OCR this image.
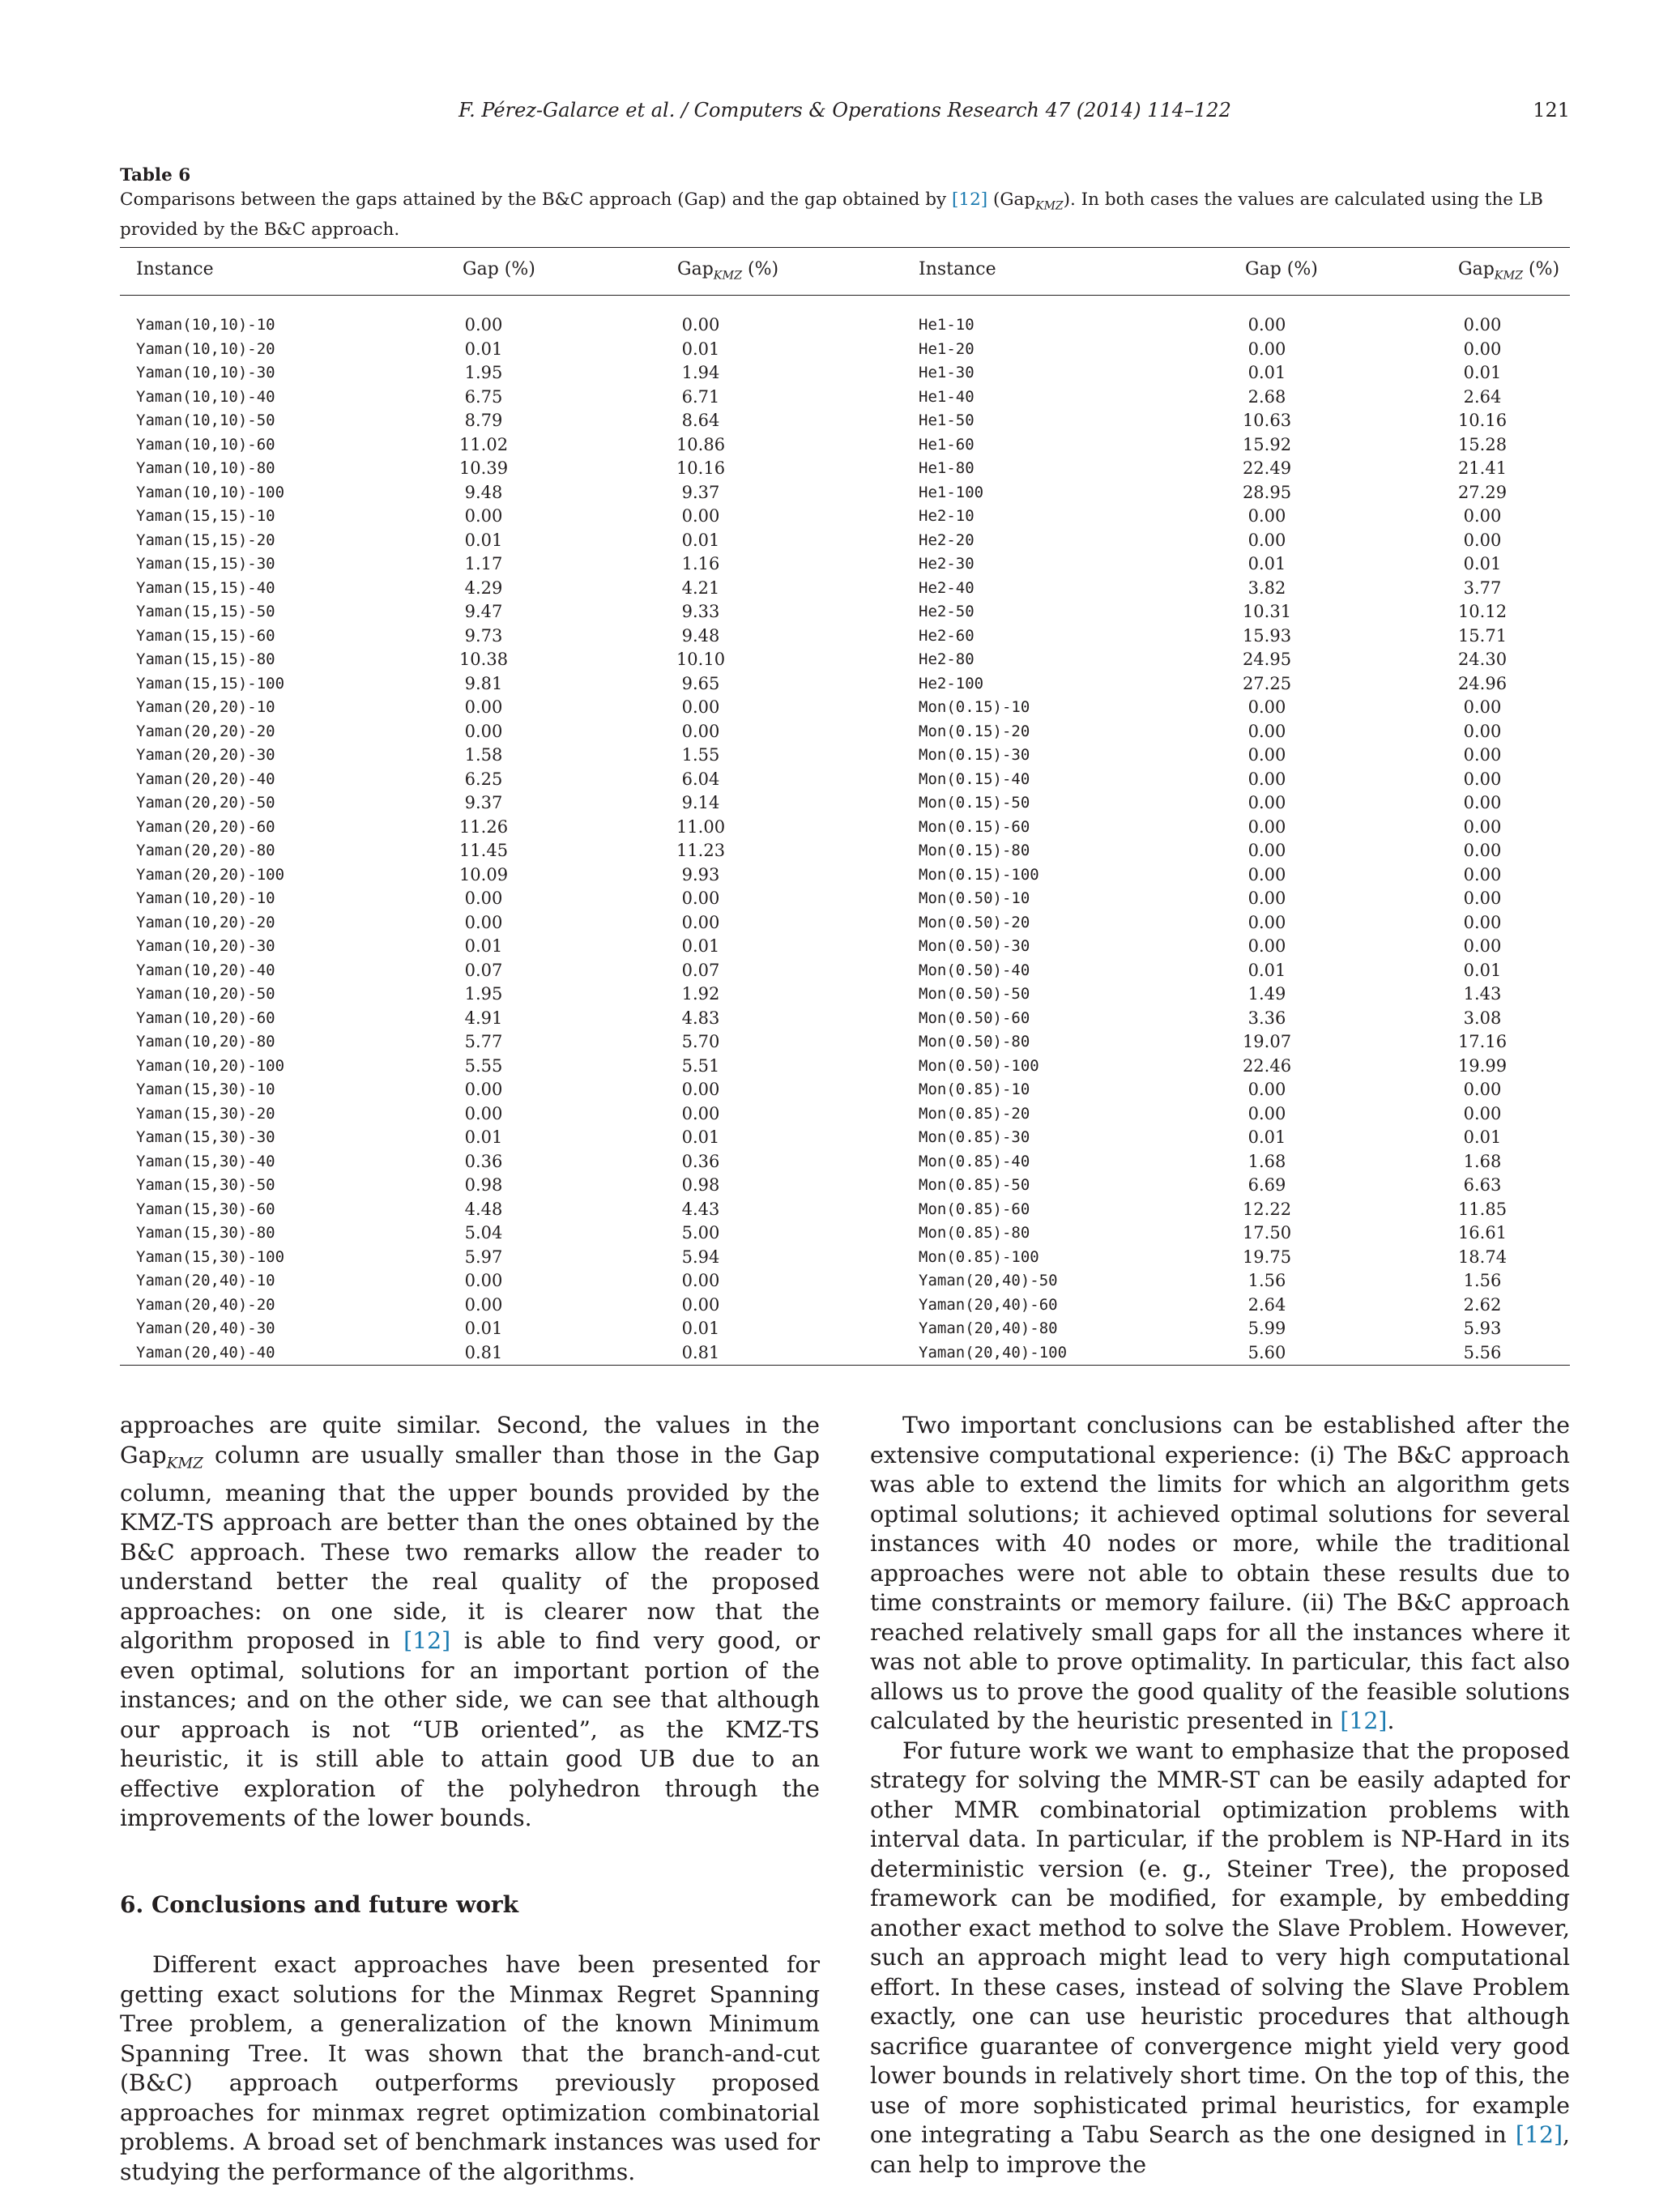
F. Pérez-Galarce et al. / Computers & Operations Research 47 (2014) 114–122	121
Table 6
Comparisons between the gaps attained by the B&C approach (Gap) and the gap obtained by [12] (Gap$_{KMZ}$). In both cases the values are calculated using the LB provided by the B&C approach.
Instance	Gap (%)	Gap$_{KMZ}$ (%)	Instance	Gap (%)	Gap$_{KMZ}$ (%)
Yaman(10,10)-10	0.00	0.00	He1-10	0.00	0.00
Yaman(10,10)-20	0.01	0.01	He1-20	0.00	0.00
Yaman(10,10)-30	1.95	1.94	He1-30	0.01	0.01
Yaman(10,10)-40	6.75	6.71	He1-40	2.68	2.64
Yaman(10,10)-50	8.79	8.64	He1-50	10.63	10.16
Yaman(10,10)-60	11.02	10.86	He1-60	15.92	15.28
Yaman(10,10)-80	10.39	10.16	He1-80	22.49	21.41
Yaman(10,10)-100	9.48	9.37	He1-100	28.95	27.29
Yaman(15,15)-10	0.00	0.00	He2-10	0.00	0.00
Yaman(15,15)-20	0.01	0.01	He2-20	0.00	0.00
Yaman(15,15)-30	1.17	1.16	He2-30	0.01	0.01
Yaman(15,15)-40	4.29	4.21	He2-40	3.82	3.77
Yaman(15,15)-50	9.47	9.33	He2-50	10.31	10.12
Yaman(15,15)-60	9.73	9.48	He2-60	15.93	15.71
Yaman(15,15)-80	10.38	10.10	He2-80	24.95	24.30
Yaman(15,15)-100	9.81	9.65	He2-100	27.25	24.96
Yaman(20,20)-10	0.00	0.00	Mon(0.15)-10	0.00	0.00
Yaman(20,20)-20	0.00	0.00	Mon(0.15)-20	0.00	0.00
Yaman(20,20)-30	1.58	1.55	Mon(0.15)-30	0.00	0.00
Yaman(20,20)-40	6.25	6.04	Mon(0.15)-40	0.00	0.00
Yaman(20,20)-50	9.37	9.14	Mon(0.15)-50	0.00	0.00
Yaman(20,20)-60	11.26	11.00	Mon(0.15)-60	0.00	0.00
Yaman(20,20)-80	11.45	11.23	Mon(0.15)-80	0.00	0.00
Yaman(20,20)-100	10.09	9.93	Mon(0.15)-100	0.00	0.00
Yaman(10,20)-10	0.00	0.00	Mon(0.50)-10	0.00	0.00
Yaman(10,20)-20	0.00	0.00	Mon(0.50)-20	0.00	0.00
Yaman(10,20)-30	0.01	0.01	Mon(0.50)-30	0.00	0.00
Yaman(10,20)-40	0.07	0.07	Mon(0.50)-40	0.01	0.01
Yaman(10,20)-50	1.95	1.92	Mon(0.50)-50	1.49	1.43
Yaman(10,20)-60	4.91	4.83	Mon(0.50)-60	3.36	3.08
Yaman(10,20)-80	5.77	5.70	Mon(0.50)-80	19.07	17.16
Yaman(10,20)-100	5.55	5.51	Mon(0.50)-100	22.46	19.99
Yaman(15,30)-10	0.00	0.00	Mon(0.85)-10	0.00	0.00
Yaman(15,30)-20	0.00	0.00	Mon(0.85)-20	0.00	0.00
Yaman(15,30)-30	0.01	0.01	Mon(0.85)-30	0.01	0.01
Yaman(15,30)-40	0.36	0.36	Mon(0.85)-40	1.68	1.68
Yaman(15,30)-50	0.98	0.98	Mon(0.85)-50	6.69	6.63
Yaman(15,30)-60	4.48	4.43	Mon(0.85)-60	12.22	11.85
Yaman(15,30)-80	5.04	5.00	Mon(0.85)-80	17.50	16.61
Yaman(15,30)-100	5.97	5.94	Mon(0.85)-100	19.75	18.74
Yaman(20,40)-10	0.00	0.00	Yaman(20,40)-50	1.56	1.56
Yaman(20,40)-20	0.00	0.00	Yaman(20,40)-60	2.64	2.62
Yaman(20,40)-30	0.01	0.01	Yaman(20,40)-80	5.99	5.93
Yaman(20,40)-40	0.81	0.81	Yaman(20,40)-100	5.60	5.56

approaches are quite similar. Second, the values in the Gap$_{KMZ}$ column are usually smaller than those in the Gap column, meaning that the upper bounds provided by the KMZ-TS approach are better than the ones obtained by the B&C approach. These two remarks allow the reader to understand better the real quality of the proposed approaches: on one side, it is clearer now that the algorithm proposed in [12] is able to find very good, or even optimal, solutions for an important portion of the instances; and on the other side, we can see that although our approach is not “UB oriented”, as the KMZ-TS heuristic, it is still able to attain good UB due to an effective exploration of the polyhedron through the improvements of the lower bounds.

6. Conclusions and future work

Different exact approaches have been presented for getting exact solutions for the Minmax Regret Spanning Tree problem, a generalization of the known Minimum Spanning Tree. It was shown that the branch-and-cut (B&C) approach outperforms previously proposed approaches for minmax regret optimization combinatorial problems. A broad set of benchmark instances was used for studying the performance of the algorithms.

Two important conclusions can be established after the extensive computational experience: (i) The B&C approach was able to extend the limits for which an algorithm gets optimal solutions; it achieved optimal solutions for several instances with 40 nodes or more, while the traditional approaches were not able to obtain these results due to time constraints or memory failure. (ii) The B&C approach reached relatively small gaps for all the instances where it was not able to prove optimality. In particular, this fact also allows us to prove the good quality of the feasible solutions calculated by the heuristic presented in [12].

For future work we want to emphasize that the proposed strategy for solving the MMR-ST can be easily adapted for other MMR combinatorial optimization problems with interval data. In particular, if the problem is NP-Hard in its deterministic version (e. g., Steiner Tree), the proposed framework can be modified, for example, by embedding another exact method to solve the Slave Problem. However, such an approach might lead to very high computational effort. In these cases, instead of solving the Slave Problem exactly, one can use heuristic procedures that although sacrifice guarantee of convergence might yield very good lower bounds in relatively short time. On the top of this, the use of more sophisticated primal heuristics, for example one integrating a Tabu Search as the one designed in [12], can help to improve the
